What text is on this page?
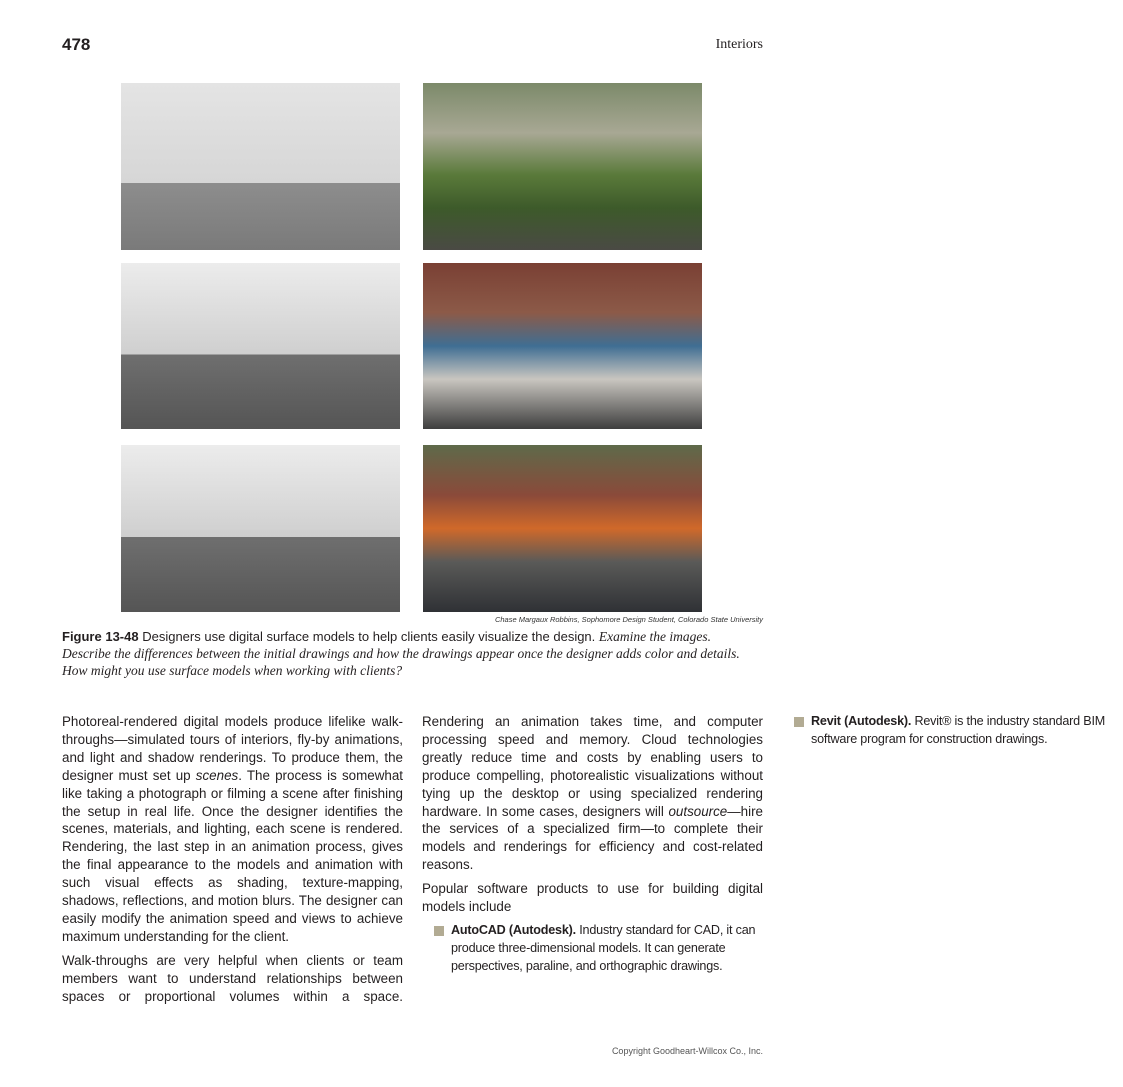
478	Interiors
Chase Margaux Robbins, Sophomore Design Student, Colorado State University
Figure 13-48 Designers use digital surface models to help clients easily visualize the design. Examine the images. Describe the differences between the initial drawings and how the drawings appear once the designer adds color and details. How might you use surface models when working with clients?

Photoreal-rendered digital models produce lifelike walk-throughs—simulated tours of interiors, fly-by animations, and light and shadow renderings. To produce them, the designer must set up scenes. The process is somewhat like taking a photograph or filming a scene after finishing the setup in real life. Once the designer identifies the scenes, materials, and lighting, each scene is rendered. Rendering, the last step in an animation process, gives the final appearance to the models and animation with such visual effects as shading, texture-mapping, shadows, reflections, and motion blurs. The designer can easily modify the animation speed and views to achieve maximum understanding for the client.

Walk-throughs are very helpful when clients or team members want to understand relationships between spaces or proportional volumes within a space. Rendering an animation takes time, and computer processing speed and memory. Cloud technologies greatly reduce time and costs by enabling users to produce compelling, photorealistic visualizations without tying up the desktop or using specialized rendering hardware. In some cases, designers will outsource—hire the services of a specialized firm—to complete their models and renderings for efficiency and cost-related reasons.

Popular software products to use for building digital models include

AutoCAD (Autodesk). Industry standard for CAD, it can produce three-dimensional models. It can generate perspectives, paraline, and orthographic drawings.
Revit (Autodesk). Revit® is the industry standard BIM software program for construction drawings.
Copyright Goodheart-Willcox Co., Inc.
